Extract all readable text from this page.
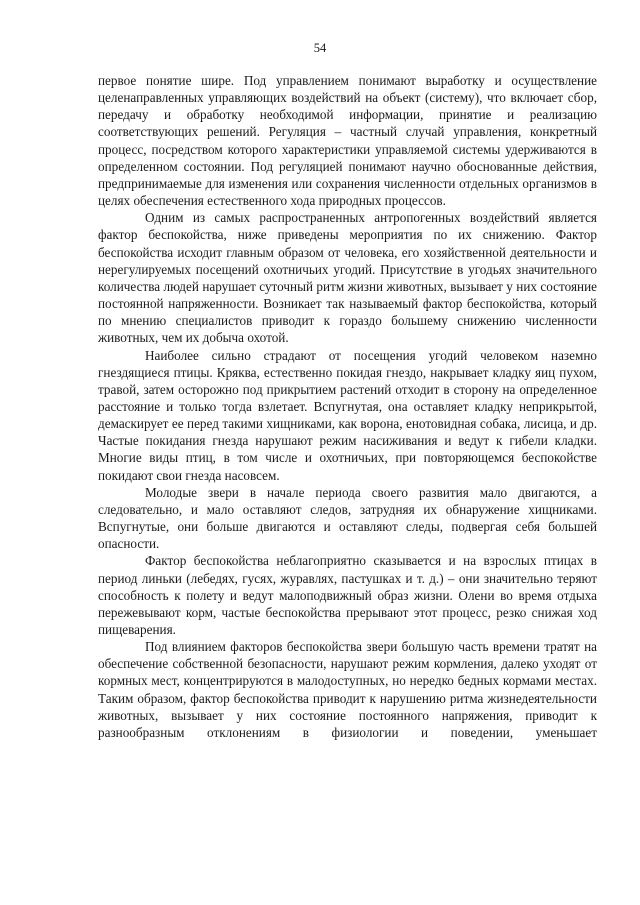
54

первое понятие шире. Под управлением понимают выработку и осуществление целенаправленных управляющих воздействий на объект (систему), что включает сбор, передачу и обработку необходимой информации, принятие и реализацию соответствующих решений. Регуляция – частный случай управления, конкретный процесс, посредством которого характеристики управляемой системы удерживаются в определенном состоянии. Под регуляцией понимают научно обоснованные действия, предпринимаемые для изменения или сохранения численности отдельных организмов в целях обеспечения естественного хода природных процессов.

Одним из самых распространенных антропогенных воздействий является фактор беспокойства, ниже приведены мероприятия по их снижению. Фактор беспокойства исходит главным образом от человека, его хозяйственной деятельности и нерегулируемых посещений охотничьих угодий. Присутствие в угодьях значительного количества людей нарушает суточный ритм жизни животных, вызывает у них состояние постоянной напряженности. Возникает так называемый фактор беспокойства, который по мнению специалистов приводит к гораздо большему снижению численности животных, чем их добыча охотой.

Наиболее сильно страдают от посещения угодий человеком наземно гнездящиеся птицы. Кряква, естественно покидая гнездо, накрывает кладку яиц пухом, травой, затем осторожно под прикрытием растений отходит в сторону на определенное расстояние и только тогда взлетает. Вспугнутая, она оставляет кладку неприкрытой, демаскирует ее перед такими хищниками, как ворона, енотовидная собака, лисица, и др. Частые покидания гнезда нарушают режим насиживания и ведут к гибели кладки. Многие виды птиц, в том числе и охотничьих, при повторяющемся беспокойстве покидают свои гнезда насовсем.

Молодые звери в начале периода своего развития мало двигаются, а следовательно, и мало оставляют следов, затрудняя их обнаружение хищниками. Вспугнутые, они больше двигаются и оставляют следы, подвергая себя большей опасности.

Фактор беспокойства неблагоприятно сказывается и на взрослых птицах в период линьки (лебедях, гусях, журавлях, пастушках и т. д.) – они значительно теряют способность к полету и ведут малоподвижный образ жизни. Олени во время отдыха пережевывают корм, частые беспокойства прерывают этот процесс, резко снижая ход пищеварения.

Под влиянием факторов беспокойства звери большую часть времени тратят на обеспечение собственной безопасности, нарушают режим кормления, далеко уходят от кормных мест, концентрируются в малодоступных, но нередко бедных кормами местах. Таким образом, фактор беспокойства приводит к нарушению ритма жизнедеятельности животных, вызывает у них состояние постоянного напряжения, приводит к разнообразным отклонениям в физиологии и поведении, уменьшает
